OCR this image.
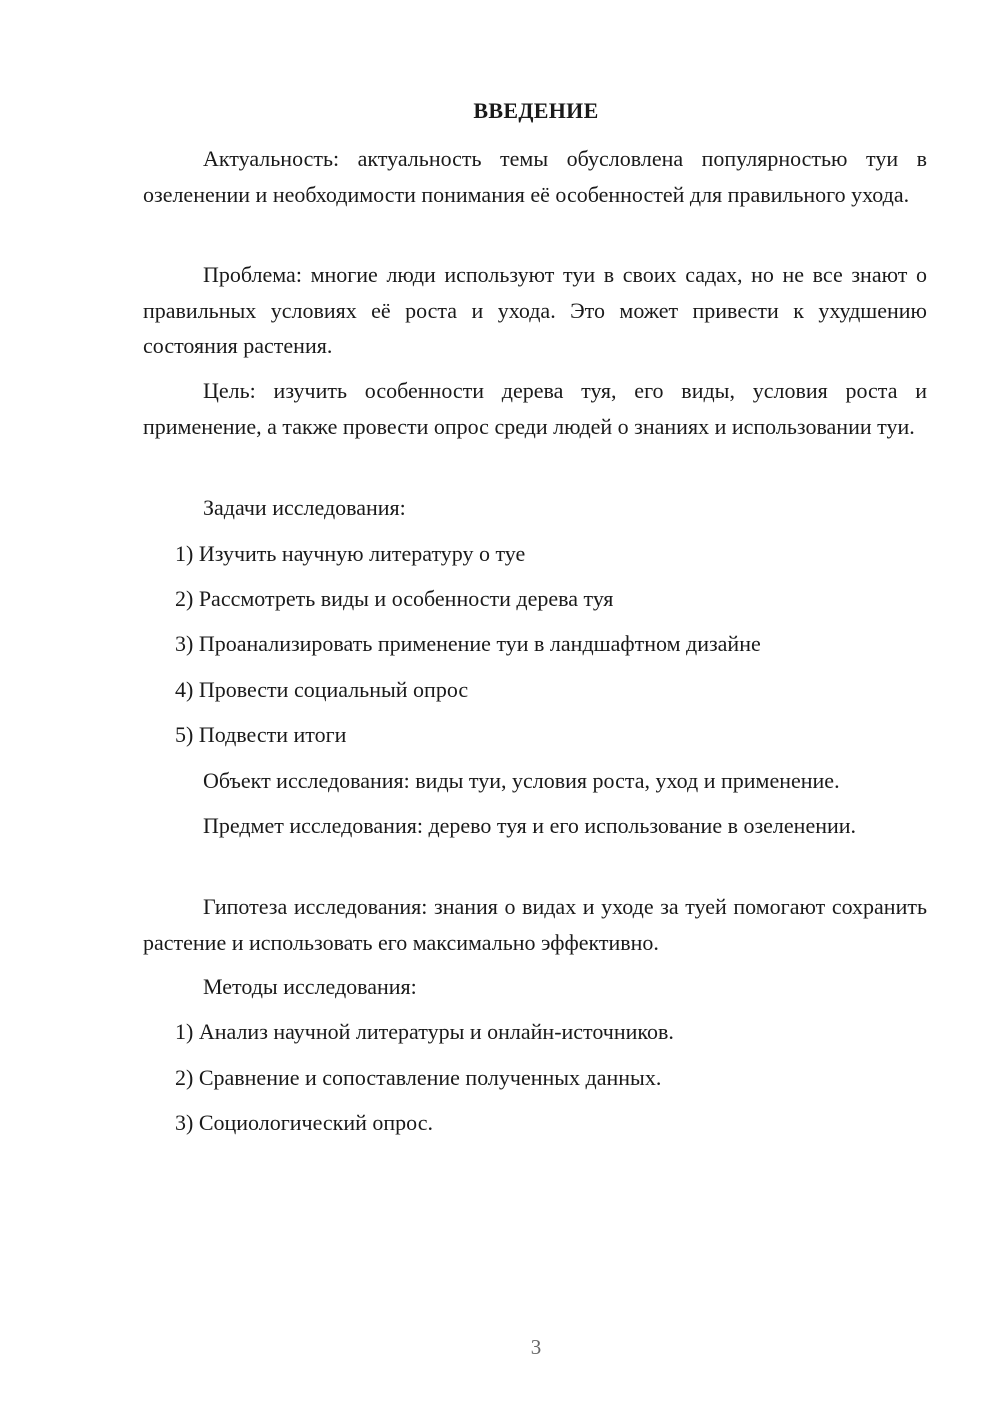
ВВЕДЕНИЕ
Актуальность: актуальность темы обусловлена популярностью туи в озеленении и необходимости понимания её особенностей для правильного ухода.
Проблема: многие люди используют туи в своих садах, но не все знают о правильных условиях её роста и ухода. Это может привести к ухудшению состояния растения.
Цель: изучить особенности дерева туя, его виды, условия роста и применение, а также провести опрос среди людей о знаниях и использовании туи.
Задачи исследования:
1) Изучить научную литературу о туе
2) Рассмотреть виды и особенности дерева туя
3) Проанализировать применение туи в ландшафтном дизайне
4) Провести социальный опрос
5) Подвести итоги
Объект исследования: виды туи, условия роста, уход и применение.
Предмет исследования: дерево туя и его использование в озеленении.
Гипотеза исследования: знания о видах и уходе за туей помогают сохранить растение и использовать его максимально эффективно.
Методы исследования:
1) Анализ научной литературы и онлайн-источников.
2) Сравнение и сопоставление полученных данных.
3) Социологический опрос.
3
